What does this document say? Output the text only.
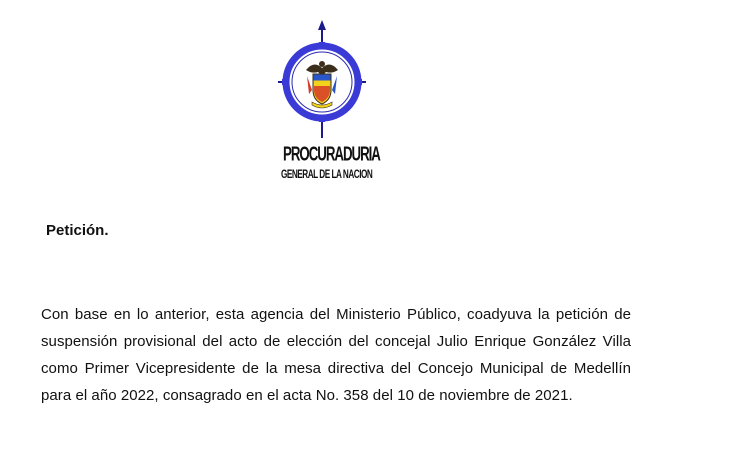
PROCURADURIA
GENERAL DE LA NACION

Petición.

Con base en lo anterior, esta agencia del Ministerio Público, coadyuva la petición de suspensión provisional del acto de elección del concejal Julio Enrique González Villa como Primer Vicepresidente de la mesa directiva del Concejo Municipal de Medellín para el año 2022, consagrado en el acta No. 358 del 10 de noviembre de 2021.
